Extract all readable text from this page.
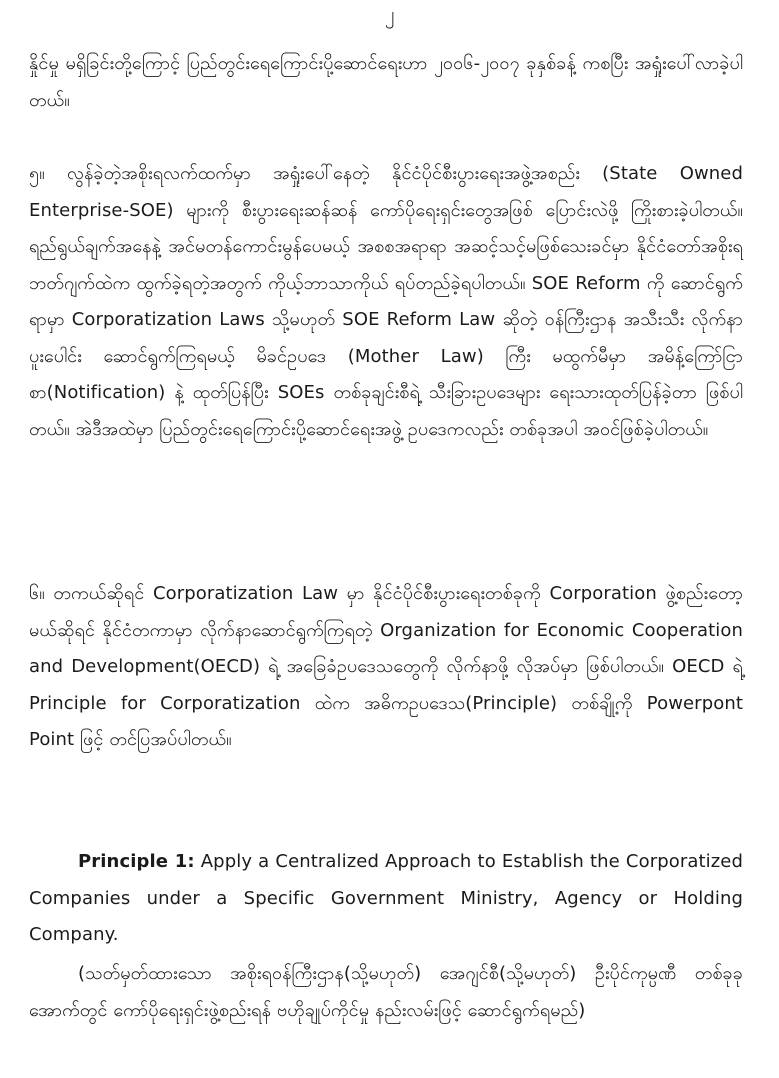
၂

နှိုင်မှု မရှိခြင်းတို့ကြောင့် ပြည်တွင်းရေကြောင်းပို့ဆောင်ရေးဟာ ၂၀၀၆-၂၀၀၇ ခုနှစ်ခန့် ကစပြီး အရှုံးပေါ်လာခဲ့ပါတယ်။

၅။ လွန်ခဲ့တဲ့အစိုးရလက်ထက်မှာ အရှုံးပေါ်နေတဲ့ နိုင်ငံပိုင်စီးပွားရေးအဖွဲ့အစည်း (State Owned Enterprise-SOE) များကို စီးပွားရေးဆန်ဆန် ကော်ပိုရေးရှင်းတွေအဖြစ် ပြောင်းလဲဖို့ ကြိုးစားခဲ့ပါတယ်။ ရည်ရွယ်ချက်အနေနဲ့ အင်မတန်ကောင်းမွန်ပေမယ့် အစစအရာရာ အဆင့်သင့်မဖြစ်သေးခင်မှာ နိုင်ငံတော်အစိုးရဘတ်ဂျက်ထဲက ထွက်ခဲ့ရတဲ့အတွက် ကိုယ့်ဘာသာကိုယ် ရပ်တည်ခဲ့ရပါတယ်။ SOE Reform ကို ဆောင်ရွက်ရာမှာ Corporatization Laws သို့မဟုတ် SOE Reform Law ဆိုတဲ့ ဝန်ကြီးဌာန အသီးသီး လိုက်နာပူးပေါင်း ဆောင်ရွက်ကြရမယ့် မိခင်ဥပဒေ (Mother Law) ကြီး မထွက်မီမှာ အမိန့်ကြော်ငြာစာ(Notification) နဲ့ ထုတ်ပြန်ပြီး SOEs တစ်ခုချင်းစီရဲ့ သီးခြားဥပဒေများ ရေးသားထုတ်ပြန်ခဲ့တာ ဖြစ်ပါတယ်။ အဲဒီအထဲမှာ ပြည်တွင်းရေကြောင်းပို့ဆောင်ရေးအဖွဲ့ ဥပဒေကလည်း တစ်ခုအပါ အဝင်ဖြစ်ခဲ့ပါတယ်။

၆။ တကယ်ဆိုရင် Corporatization Law မှာ နိုင်ငံပိုင်စီးပွားရေးတစ်ခုကို Corporation ဖွဲ့စည်းတော့မယ်ဆိုရင် နိုင်ငံတကာမှာ လိုက်နာဆောင်ရွက်ကြရတဲ့ Organization for Economic Cooperation and Development(OECD) ရဲ့ အခြေခံဥပဒေသတွေကို လိုက်နာဖို့ လိုအပ်မှာ ဖြစ်ပါတယ်။ OECD ရဲ့ Principle for Corporatization ထဲက အဓိကဥပဒေသ(Principle) တစ်ချို့ကို Powerpont Point ဖြင့် တင်ပြအပ်ပါတယ်။

Principle 1: Apply a Centralized Approach to Establish the Corporatized Companies under a Specific Government Ministry, Agency or Holding Company.

(သတ်မှတ်ထားသော အစိုးရဝန်ကြီးဌာန(သို့မဟုတ်) အေဂျင်စီ(သို့မဟုတ်) ဦးပိုင်ကုမ္ပဏီ တစ်ခုခု အောက်တွင် ကော်ပိုရေးရှင်းဖွဲ့စည်းရန် ဗဟိုချုပ်ကိုင်မှု နည်းလမ်းဖြင့် ဆောင်ရွက်ရမည်)
